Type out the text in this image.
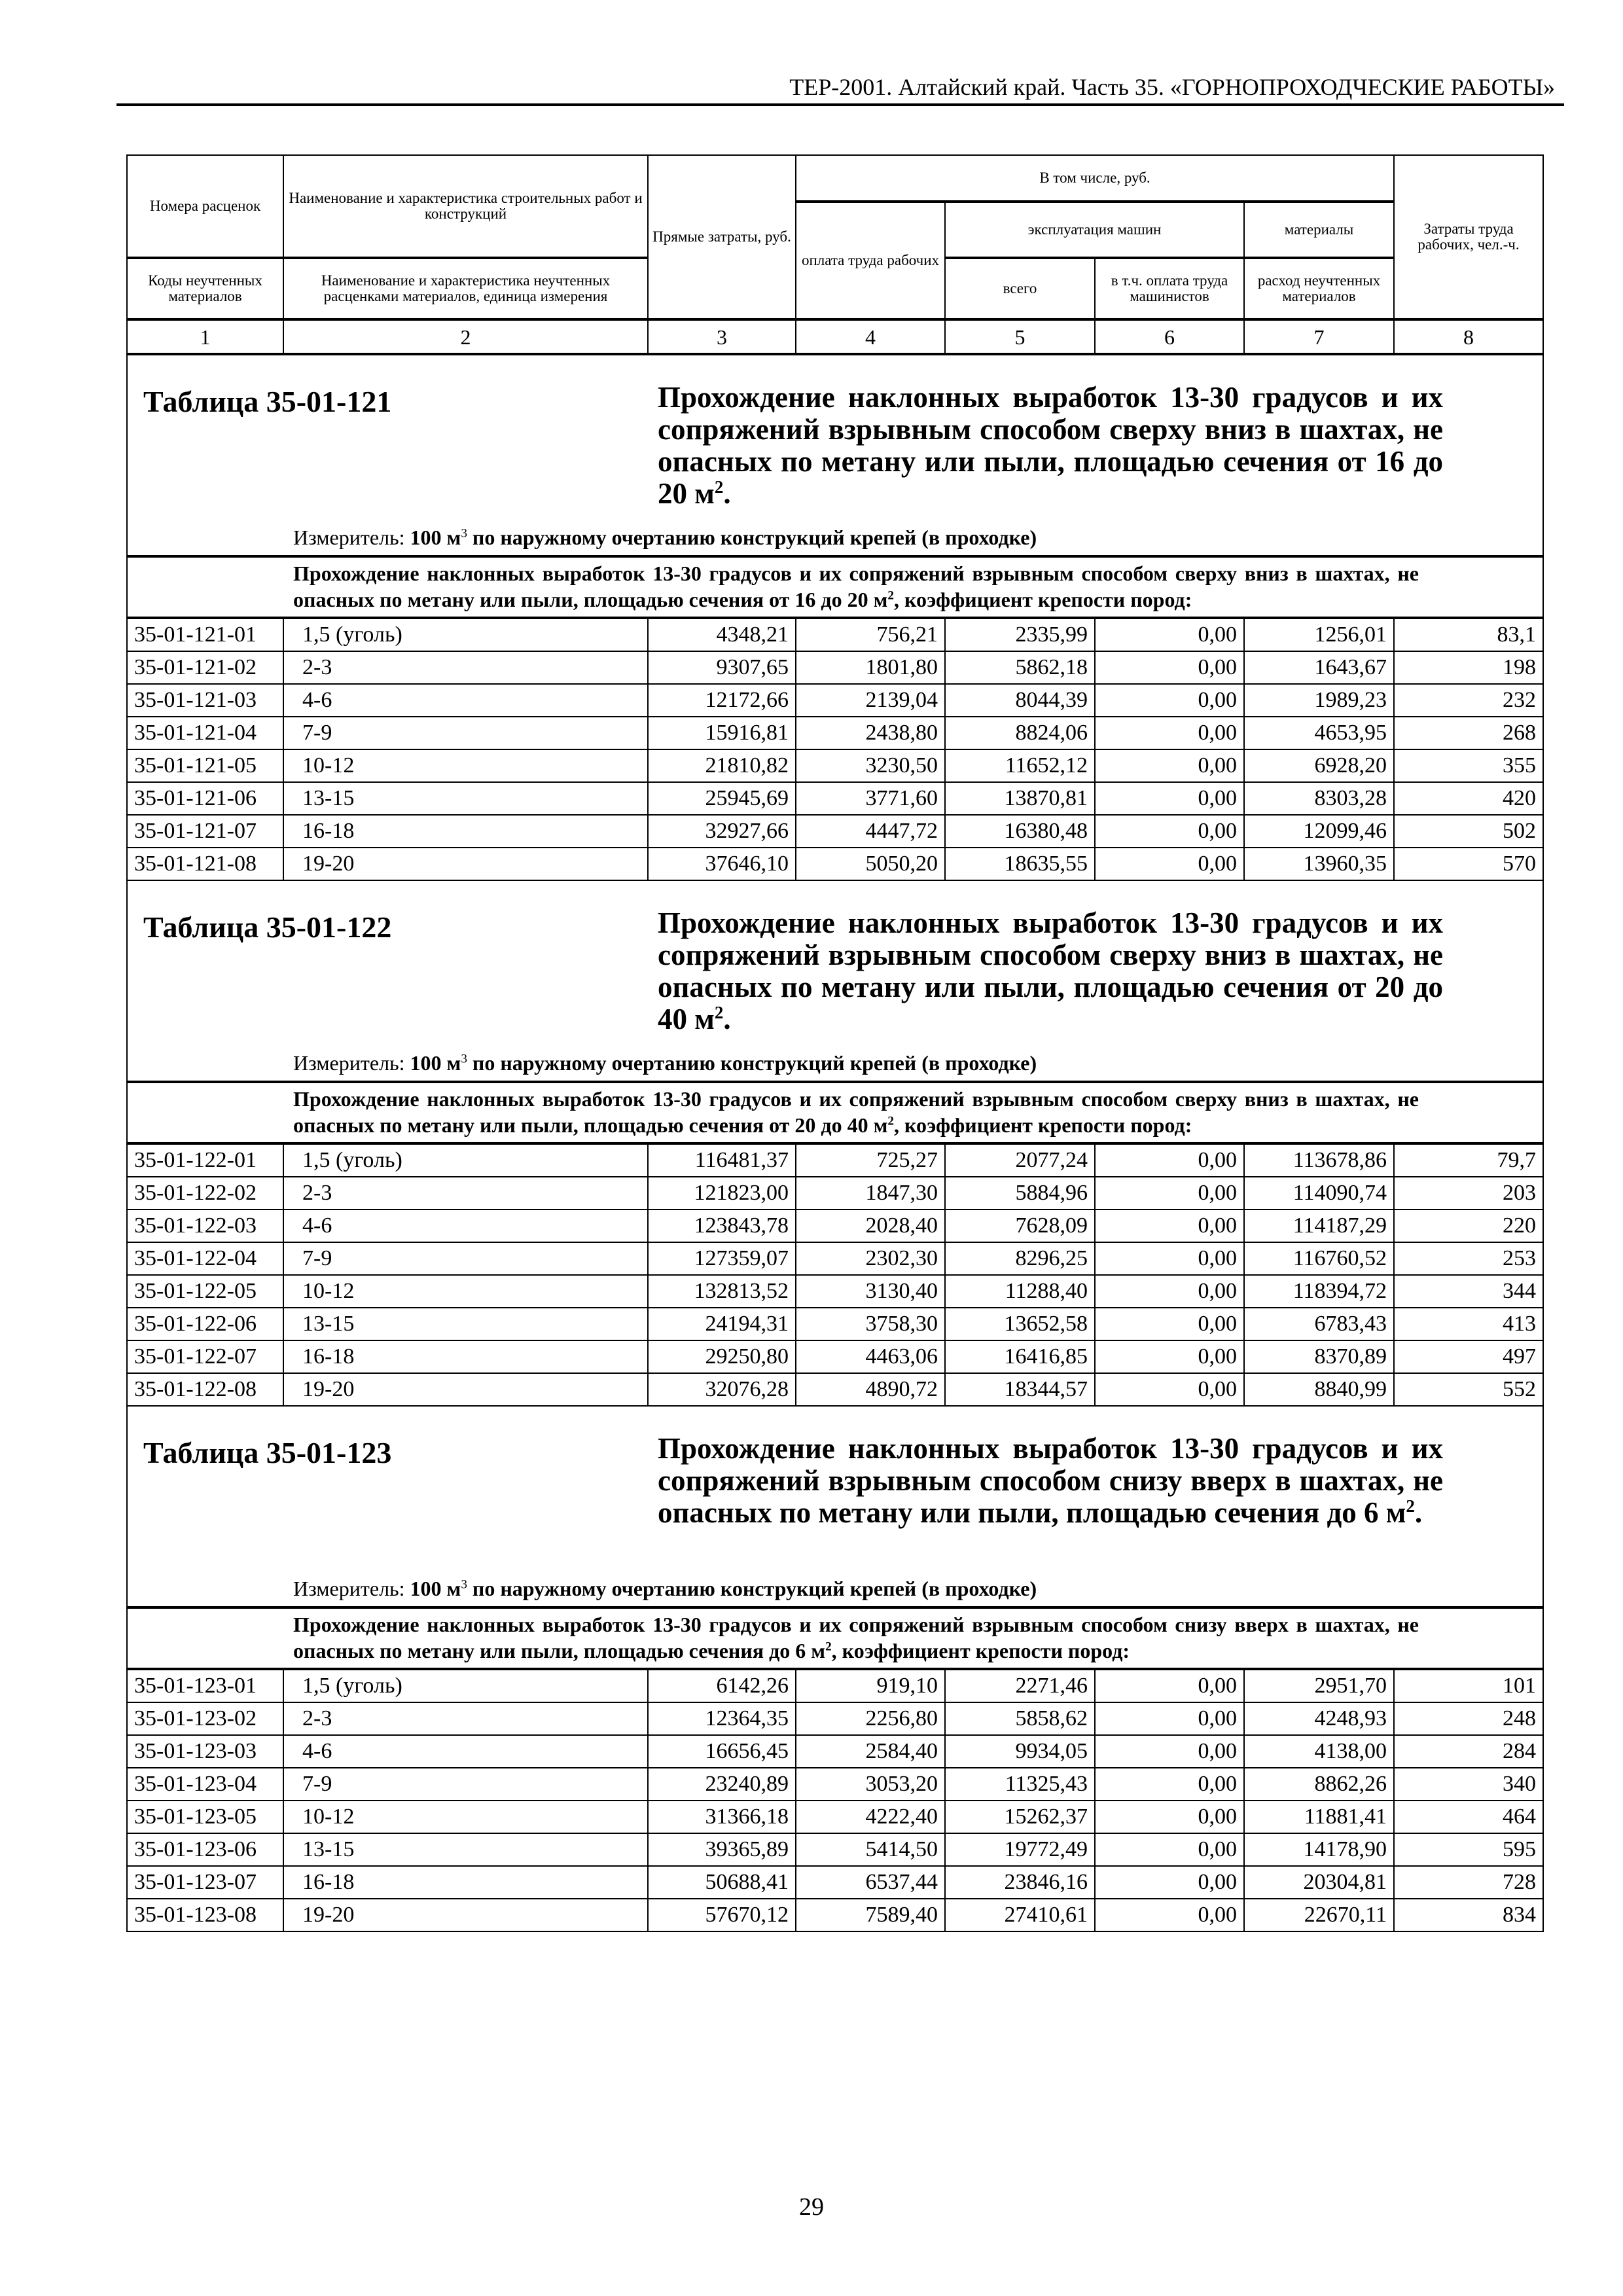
ТЕР-2001. Алтайский край. Часть 35. «ГОРНОПРОХОДЧЕСКИЕ РАБОТЫ»
Номера расценок	Наименование и характеристика строительных работ и конструкций	Прямые затраты, руб.	В том числе, руб.				Затраты труда рабочих, чел.-ч.
			оплата труда рабочих	эксплуатация машин		материалы	
Коды неучтенных материалов	Наименование и характеристика неучтенных расценками материалов, единица измерения			всего	в т.ч. оплата труда машинистов	расход неучтенных материалов	
1	2	3	4	5	6	7	8

Таблица 35-01-121 Прохождение наклонных выработок 13-30 градусов и их сопряжений взрывным способом сверху вниз в шахтах, не опасных по метану или пыли, площадью сечения от 16 до 20 $м^2$.
Измеритель: 100 $м^3$ по наружному очертанию конструкций крепей (в проходке)							

Прохождение наклонных выработок 13-30 градусов и их сопряжений взрывным способом сверху вниз в шахтах, не опасных по метану или пыли, площадью сечения от 16 до 20 $м^2$, коэффициент крепости пород:							

35-01-121-01	1,5 (уголь)	4348,21	756,21	2335,99	0,00	1256,01	83,1
35-01-121-02	2-3	9307,65	1801,80	5862,18	0,00	1643,67	198
35-01-121-03	4-6	12172,66	2139,04	8044,39	0,00	1989,23	232
35-01-121-04	7-9	15916,81	2438,80	8824,06	0,00	4653,95	268
35-01-121-05	10-12	21810,82	3230,50	11652,12	0,00	6928,20	355
35-01-121-06	13-15	25945,69	3771,60	13870,81	0,00	8303,28	420
35-01-121-07	16-18	32927,66	4447,72	16380,48	0,00	12099,46	502
35-01-121-08	19-20	37646,10	5050,20	18635,55	0,00	13960,35	570

Таблица 35-01-122 Прохождение наклонных выработок 13-30 градусов и их сопряжений взрывным способом сверху вниз в шахтах, не опасных по метану или пыли, площадью сечения от 20 до 40 $м^2$.
Измеритель: 100 $м^3$ по наружному очертанию конструкций крепей (в проходке)							

Прохождение наклонных выработок 13-30 градусов и их сопряжений взрывным способом сверху вниз в шахтах, не опасных по метану или пыли, площадью сечения от 20 до 40 $м^2$, коэффициент крепости пород:							

35-01-122-01	1,5 (уголь)	116481,37	725,27	2077,24	0,00	113678,86	79,7
35-01-122-02	2-3	121823,00	1847,30	5884,96	0,00	114090,74	203
35-01-122-03	4-6	123843,78	2028,40	7628,09	0,00	114187,29	220
35-01-122-04	7-9	127359,07	2302,30	8296,25	0,00	116760,52	253
35-01-122-05	10-12	132813,52	3130,40	11288,40	0,00	118394,72	344
35-01-122-06	13-15	24194,31	3758,30	13652,58	0,00	6783,43	413
35-01-122-07	16-18	29250,80	4463,06	16416,85	0,00	8370,89	497
35-01-122-08	19-20	32076,28	4890,72	18344,57	0,00	8840,99	552

Таблица 35-01-123 Прохождение наклонных выработок 13-30 градусов и их сопряжений взрывным способом снизу вверх в шахтах, не опасных по метану или пыли, площадью сечения до 6 $м^2$.
Измеритель: 100 $м^3$ по наружному очертанию конструкций крепей (в проходке)							

Прохождение наклонных выработок 13-30 градусов и их сопряжений взрывным способом снизу вверх в шахтах, не опасных по метану или пыли, площадью сечения до 6 $м^2$, коэффициент крепости пород:							

35-01-123-01	1,5 (уголь)	6142,26	919,10	2271,46	0,00	2951,70	101
35-01-123-02	2-3	12364,35	2256,80	5858,62	0,00	4248,93	248
35-01-123-03	4-6	16656,45	2584,40	9934,05	0,00	4138,00	284
35-01-123-04	7-9	23240,89	3053,20	11325,43	0,00	8862,26	340
35-01-123-05	10-12	31366,18	4222,40	15262,37	0,00	11881,41	464
35-01-123-06	13-15	39365,89	5414,50	19772,49	0,00	14178,90	595
35-01-123-07	16-18	50688,41	6537,44	23846,16	0,00	20304,81	728
35-01-123-08	19-20	57670,12	7589,40	27410,61	0,00	22670,11	834
29
